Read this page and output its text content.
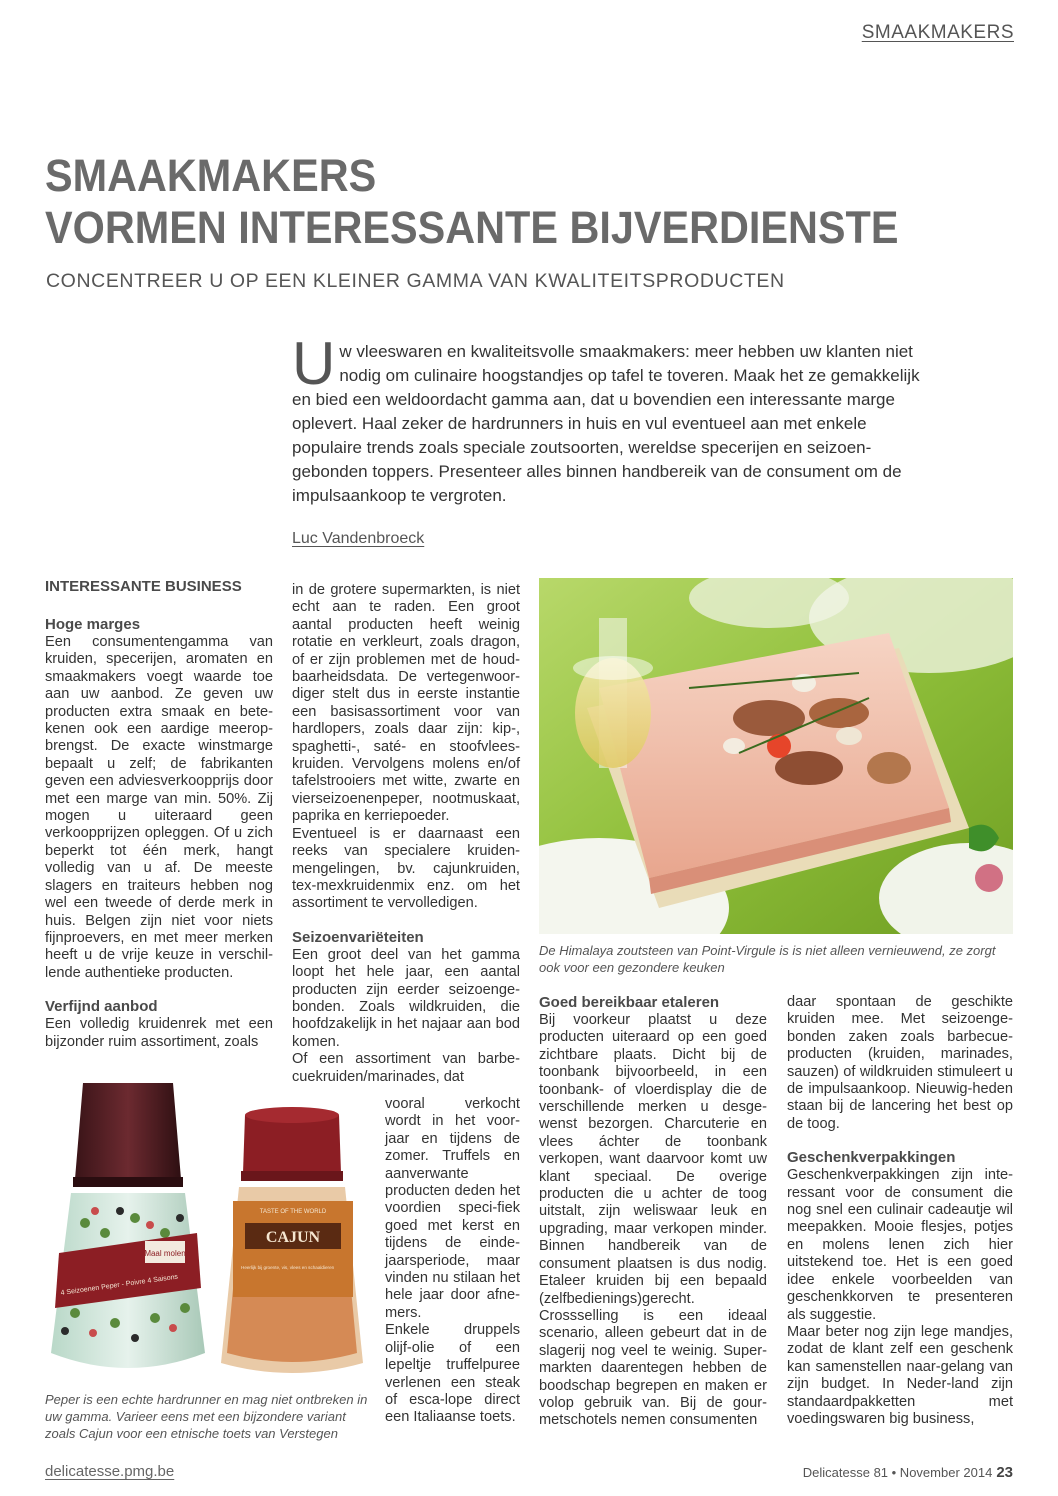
SMAAKMAKERS
SMAAKMAKERS
VORMEN INTERESSANTE BIJVERDIENSTE
CONCENTREER U OP EEN KLEINER GAMMA VAN KWALITEITSPRODUCTEN
Uw vleeswaren en kwaliteitsvolle smaakmakers: meer hebben uw klanten niet nodig om culinaire hoogstandjes op tafel te toveren. Maak het ze gemakkelijk en bied een weldoordacht gamma aan, dat u bovendien een interessante marge oplevert. Haal zeker de hardrunners in huis en vul eventueel aan met enkele populaire trends zoals speciale zoutsoorten, wereldse specerijen en seizoen-gebonden toppers. Presenteer alles binnen handbereik van de consument om de impulsaankoop te vergroten.
Luc Vandenbroeck
INTERESSANTE BUSINESS
Hoge marges

Een consumentengamma van kruiden, specerijen, aromaten en smaakmakers voegt waarde toe aan uw aanbod. Ze geven uw producten extra smaak en bete-kenen ook een aardige meerop-brengst. De exacte winstmarge bepaalt u zelf; de fabrikanten geven een adviesverkoopprijs door met een marge van min. 50%. Zij mogen u uiteraard geen verkoopprijzen opleggen. Of u zich beperkt tot één merk, hangt volledig van u af. De meeste slagers en traiteurs hebben nog wel een tweede of derde merk in huis. Belgen zijn niet voor niets fijnproevers, en met meer merken heeft u de vrije keuze in verschil-lende authentieke producten.

Verfijnd aanbod

Een volledig kruidenrek met een bijzonder ruim assortiment, zoals

in de grotere supermarkten, is niet echt aan te raden. Een groot aantal producten heeft weinig rotatie en verkleurt, zoals dragon, of er zijn problemen met de houd-baarheidsdata. De vertegenwoor-diger stelt dus in eerste instantie een basisassortiment voor van hardlopers, zoals daar zijn: kip-, spaghetti-, saté- en stoofvlees-kruiden. Vervolgens molens en/of tafelstrooiers met witte, zwarte en vierseizoenenpeper, nootmuskaat, paprika en kerriepoeder.

Eventueel is er daarnaast een reeks van specialere kruiden-mengelingen, bv. cajunkruiden, tex-mexkruidenmix enz. om het assortiment te vervolledigen.

Seizoenvariëteiten

Een groot deel van het gamma loopt het hele jaar, een aantal producten zijn eerder seizoenge-bonden. Zoals wildkruiden, die hoofdzakelijk in het najaar aan bod komen.

Of een assortiment van barbe-cuekruiden/marinades, dat

vooral verkocht wordt in het voor-jaar en tijdens de zomer. Truffels en aanverwante producten deden het voordien speci-fiek goed met kerst en tijdens de einde-jaarsperiode, maar vinden nu stilaan het hele jaar door afne-mers.

Enkele druppels olijf-olie of een lepeltje truffelpuree verlenen een steak of esca-lope direct een Italiaanse toets.

De Himalaya zoutsteen van Point-Virgule is is niet alleen vernieuwend, ze zorgt ook voor een gezondere keuken
Goed bereikbaar etaleren

Bij voorkeur plaatst u deze producten uiteraard op een goed zichtbare plaats. Dicht bij de toonbank bijvoorbeeld, in een toonbank- of vloerdisplay die de verschillende merken u desge-wenst bezorgen. Charcuterie en vlees áchter de toonbank verkopen, want daarvoor komt uw klant speciaal. De overige producten die u achter de toog uitstalt, zijn weliswaar leuk en upgrading, maar verkopen minder. Binnen handbereik van de consument plaatsen is dus nodig. Etaleer kruiden bij een bepaald (zelfbedienings)gerecht. Crossselling is een ideaal scenario, alleen gebeurt dat in de slagerij nog veel te weinig. Super-markten daarentegen hebben de boodschap begrepen en maken er volop gebruik van. Bij de gour-metschotels nemen consumenten

daar spontaan de geschikte kruiden mee. Met seizoenge-bonden zaken zoals barbecue-producten (kruiden, marinades, sauzen) of wildkruiden stimuleert u de impulsaankoop. Nieuwig-heden staan bij de lancering het best op de toog.

Geschenkverpakkingen

Geschenkverpakkingen zijn inte-ressant voor de consument die nog snel een culinair cadeautje wil meepakken. Mooie flesjes, potjes en molens lenen zich hier uitstekend toe. Het is een goed idee enkele voorbeelden van geschenkkorven te presenteren als suggestie.

Maar beter nog zijn lege mandjes, zodat de klant zelf een geschenk kan samenstellen naar-gelang van zijn budget. In Neder-land zijn standaardpakketten met voedingswaren big business,

Maal molen
4 Seizoenen Peper - Poivre 4 Saisons
TASTE OF THE WORLD
CAJUN
Heerlijk bij groente, vis, vlees en schaaldieren
Peper is een echte hardrunner en mag niet ontbreken in uw gamma. Varieer eens met een bijzondere variant zoals Cajun voor een etnische toets van Verstegen
delicatesse.pmg.be	Delicatesse 81 • November 2014 23
